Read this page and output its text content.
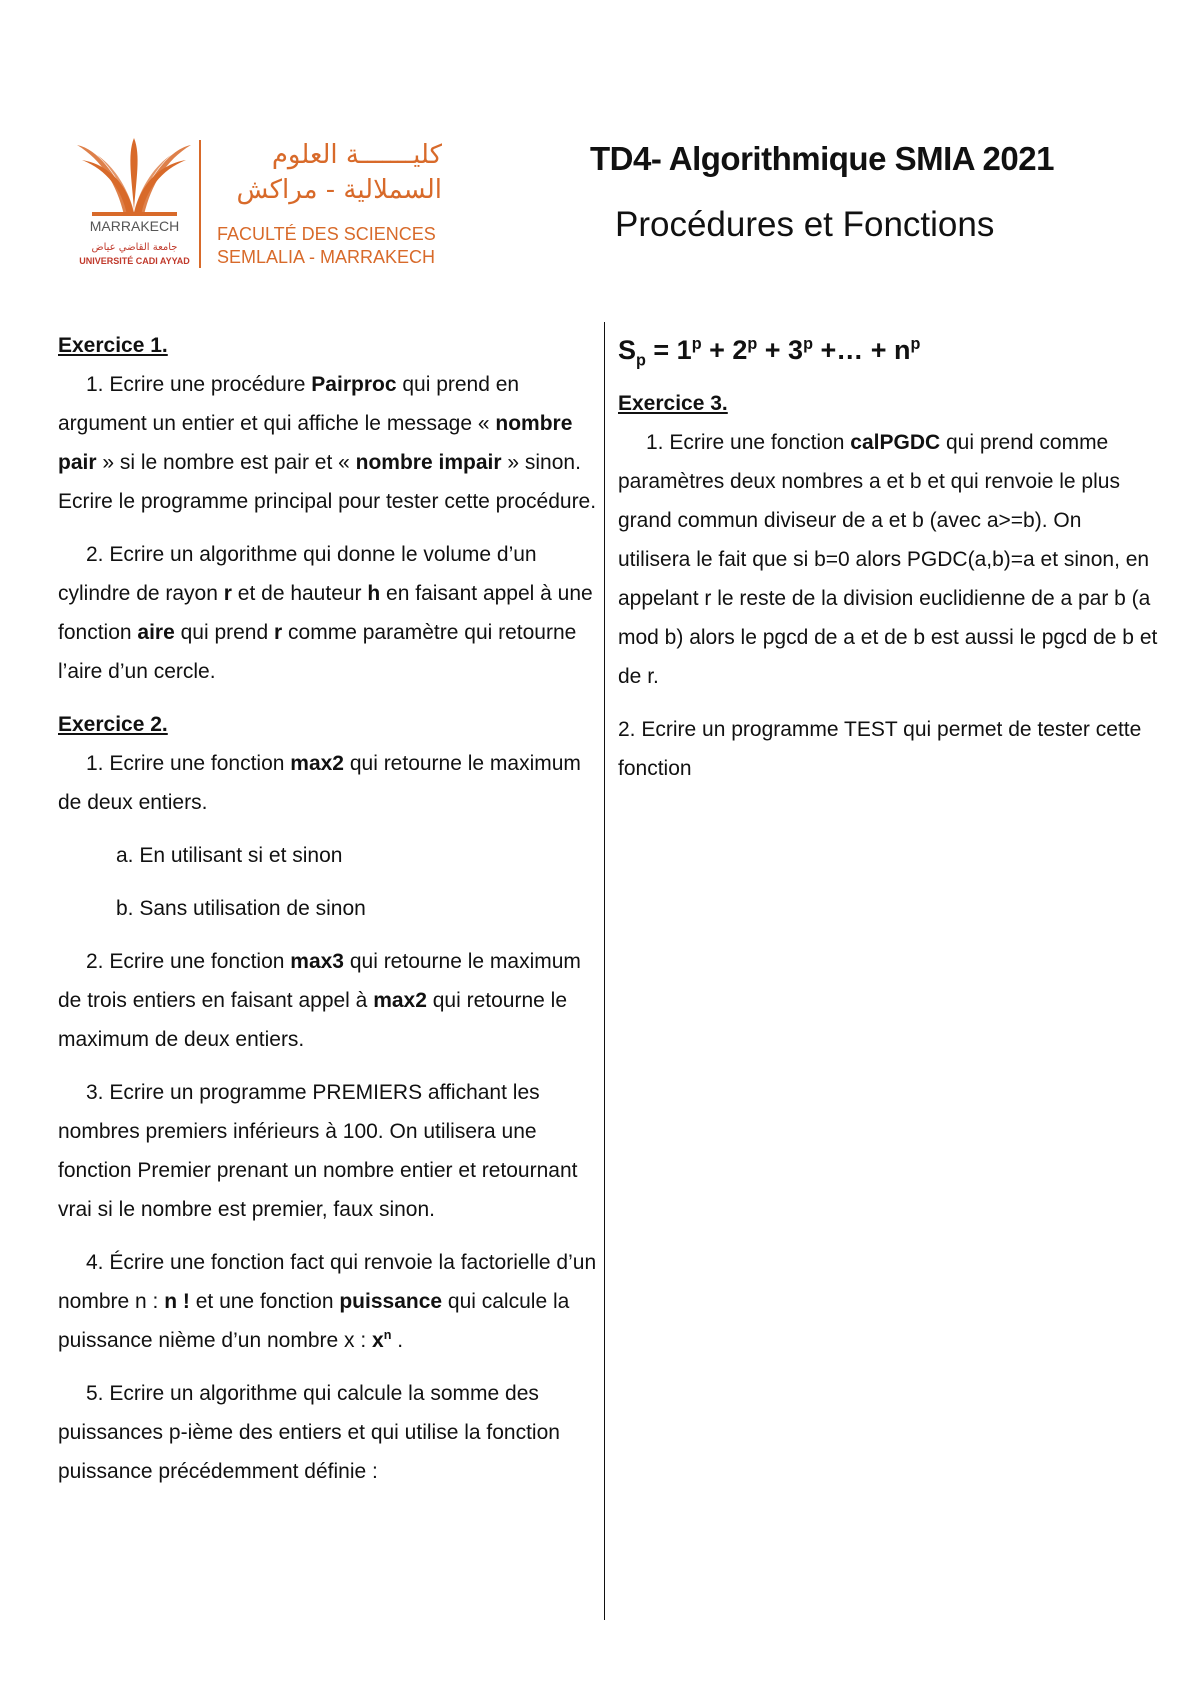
MARRAKECH
جامعة القاضي عياض
UNIVERSITÉ CADI AYYAD
كليـــــــة العلوم
السملالية - مراكش
FACULTÉ DES SCIENCES
SEMLALIA - MARRAKECH
TD4- Algorithmique SMIA 2021
Procédures et Fonctions

Exercice 1.

1. Ecrire une procédure Pairproc qui prend en argument un entier et qui affiche le message « nombre pair » si le nombre est pair et « nombre impair » sinon. Ecrire le programme principal pour tester cette procédure.

2. Ecrire un algorithme qui donne le volume d’un cylindre de rayon r et de hauteur h en faisant appel à une fonction aire qui prend r comme paramètre qui retourne l’aire d’un cercle.

Exercice 2.

1. Ecrire une fonction max2 qui retourne le maximum de deux entiers.

a. En utilisant si et sinon

b. Sans utilisation de sinon

2. Ecrire une fonction max3 qui retourne le maximum de trois entiers en faisant appel à max2 qui retourne le maximum de deux entiers.

3. Ecrire un programme PREMIERS affichant les nombres premiers inférieurs à 100. On utilisera une fonction Premier prenant un nombre entier et retournant vrai si le nombre est premier, faux sinon.

4. Écrire une fonction fact qui renvoie la factorielle d’un nombre n : n ! et une fonction puissance qui calcule la puissance nième d’un nombre x : $x^n$ .

5. Ecrire un algorithme qui calcule la somme des puissances p-ième des entiers et qui utilise la fonction puissance précédemment définie :

$S_p = 1^p + 2^p + 3^p$ +… + $n^p$

Exercice 3.

1. Ecrire une fonction calPGDC qui prend comme paramètres deux nombres a et b et qui renvoie le plus grand commun diviseur de a et b (avec a>=b). On utilisera le fait que si b=0 alors PGDC(a,b)=a et sinon, en appelant r le reste de la division euclidienne de a par b (a mod b) alors le pgcd de a et de b est aussi le pgcd de b et de r.

2. Ecrire un programme TEST qui permet de tester cette fonction
